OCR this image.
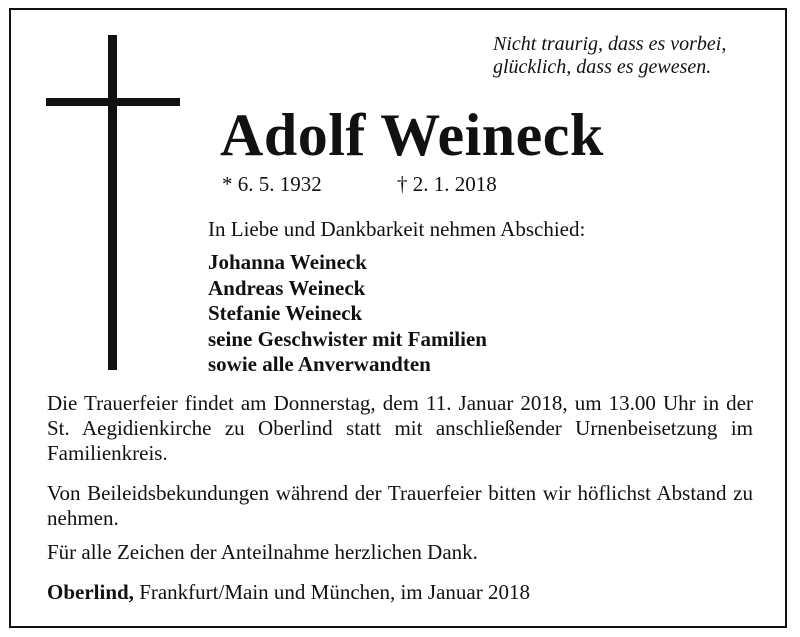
Nicht traurig, dass es vorbei,
glücklich, dass es gewesen.
Adolf Weineck
* 6. 5. 1932	† 2. 1. 2018
In Liebe und Dankbarkeit nehmen Abschied:
Johanna Weineck
Andreas Weineck
Stefanie Weineck
seine Geschwister mit Familien
sowie alle Anverwandten

Die Trauerfeier findet am Donnerstag, dem 11. Januar 2018, um 13.00 Uhr in der St. Aegidienkirche zu Oberlind statt mit anschließender Urnenbeisetzung im Familienkreis.

Von Beileidsbekundungen während der Trauerfeier bitten wir höflichst Abstand zu nehmen.

Für alle Zeichen der Anteilnahme herzlichen Dank.

Oberlind, Frankfurt/Main und München, im Januar 2018
